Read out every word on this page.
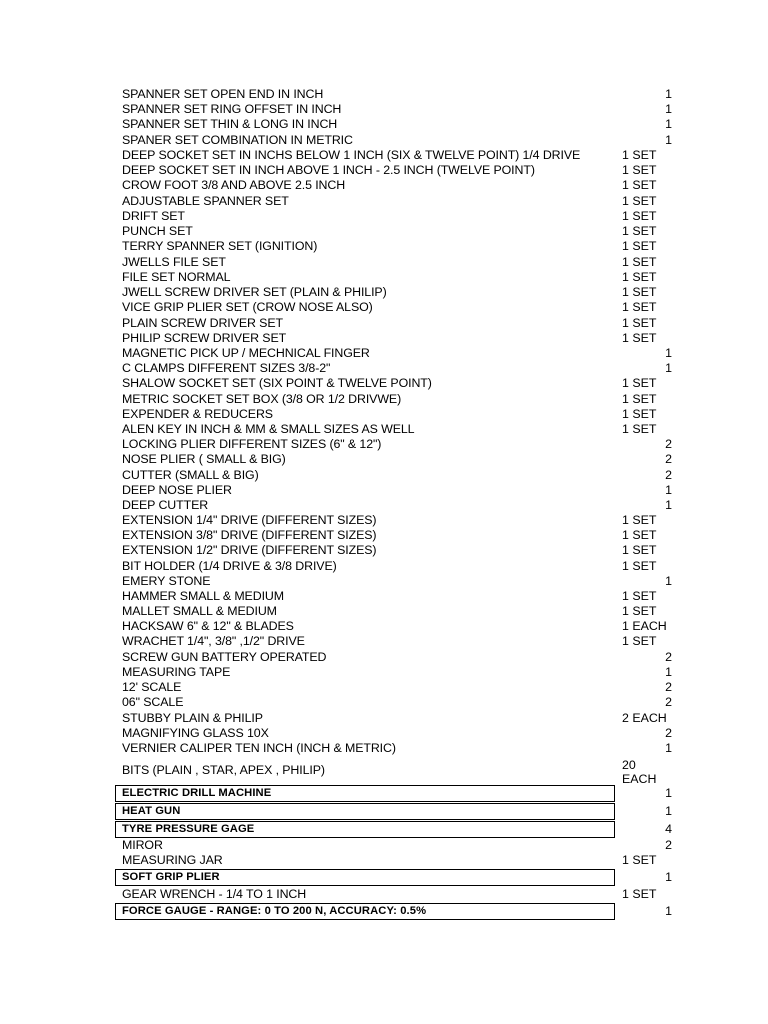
SPANNER SET OPEN END IN INCH	1
SPANNER SET RING OFFSET IN INCH	1
SPANNER SET THIN & LONG IN INCH	1
SPANER SET COMBINATION IN METRIC	1
DEEP SOCKET SET IN INCHS BELOW 1 INCH (SIX & TWELVE POINT) 1/4 DRIVE	1 SET
DEEP SOCKET SET IN INCH ABOVE 1 INCH - 2.5 INCH (TWELVE POINT)	1 SET
CROW FOOT 3/8 AND ABOVE 2.5 INCH	1 SET
ADJUSTABLE SPANNER SET	1 SET
DRIFT SET	1 SET
PUNCH SET	1 SET
TERRY SPANNER SET (IGNITION)	1 SET
JWELLS FILE SET	1 SET
FILE SET NORMAL	1 SET
JWELL SCREW DRIVER SET (PLAIN & PHILIP)	1 SET
VICE GRIP PLIER SET (CROW NOSE ALSO)	1 SET
PLAIN SCREW DRIVER SET	1 SET
PHILIP SCREW DRIVER SET	1 SET
MAGNETIC PICK UP / MECHNICAL FINGER	1
C CLAMPS DIFFERENT SIZES 3/8-2"	1
SHALOW SOCKET SET (SIX POINT & TWELVE POINT)	1 SET
METRIC SOCKET SET BOX (3/8 OR 1/2 DRIVWE)	1 SET
EXPENDER & REDUCERS	1 SET
ALEN KEY IN INCH & MM & SMALL SIZES AS WELL	1 SET
LOCKING PLIER DIFFERENT SIZES (6" & 12")	2
NOSE PLIER ( SMALL & BIG)	2
CUTTER (SMALL & BIG)	2
DEEP NOSE PLIER	1
DEEP CUTTER	1
EXTENSION 1/4" DRIVE (DIFFERENT SIZES)	1 SET
EXTENSION 3/8" DRIVE (DIFFERENT SIZES)	1 SET
EXTENSION 1/2" DRIVE (DIFFERENT SIZES)	1 SET
BIT HOLDER (1/4 DRIVE & 3/8 DRIVE)	1 SET
EMERY STONE	1
HAMMER SMALL & MEDIUM	1 SET
MALLET SMALL & MEDIUM	1 SET
HACKSAW 6" & 12" & BLADES	1 EACH
WRACHET 1/4", 3/8" ,1/2" DRIVE	1 SET
SCREW GUN BATTERY OPERATED	2
MEASURING TAPE	1
12' SCALE	2
06" SCALE	2
STUBBY PLAIN & PHILIP	2 EACH
MAGNIFYING GLASS 10X	2
VERNIER CALIPER TEN INCH (INCH & METRIC)	1
BITS (PLAIN , STAR, APEX , PHILIP)	20 EACH
ELECTRIC DRILL MACHINE	1
HEAT GUN	1
TYRE PRESSURE GAGE	4
MIROR	2
MEASURING JAR	1 SET
SOFT GRIP PLIER	1
GEAR WRENCH - 1/4 TO 1 INCH	1 SET
FORCE GAUGE - RANGE: 0 TO 200 N, ACCURACY: 0.5%	1
